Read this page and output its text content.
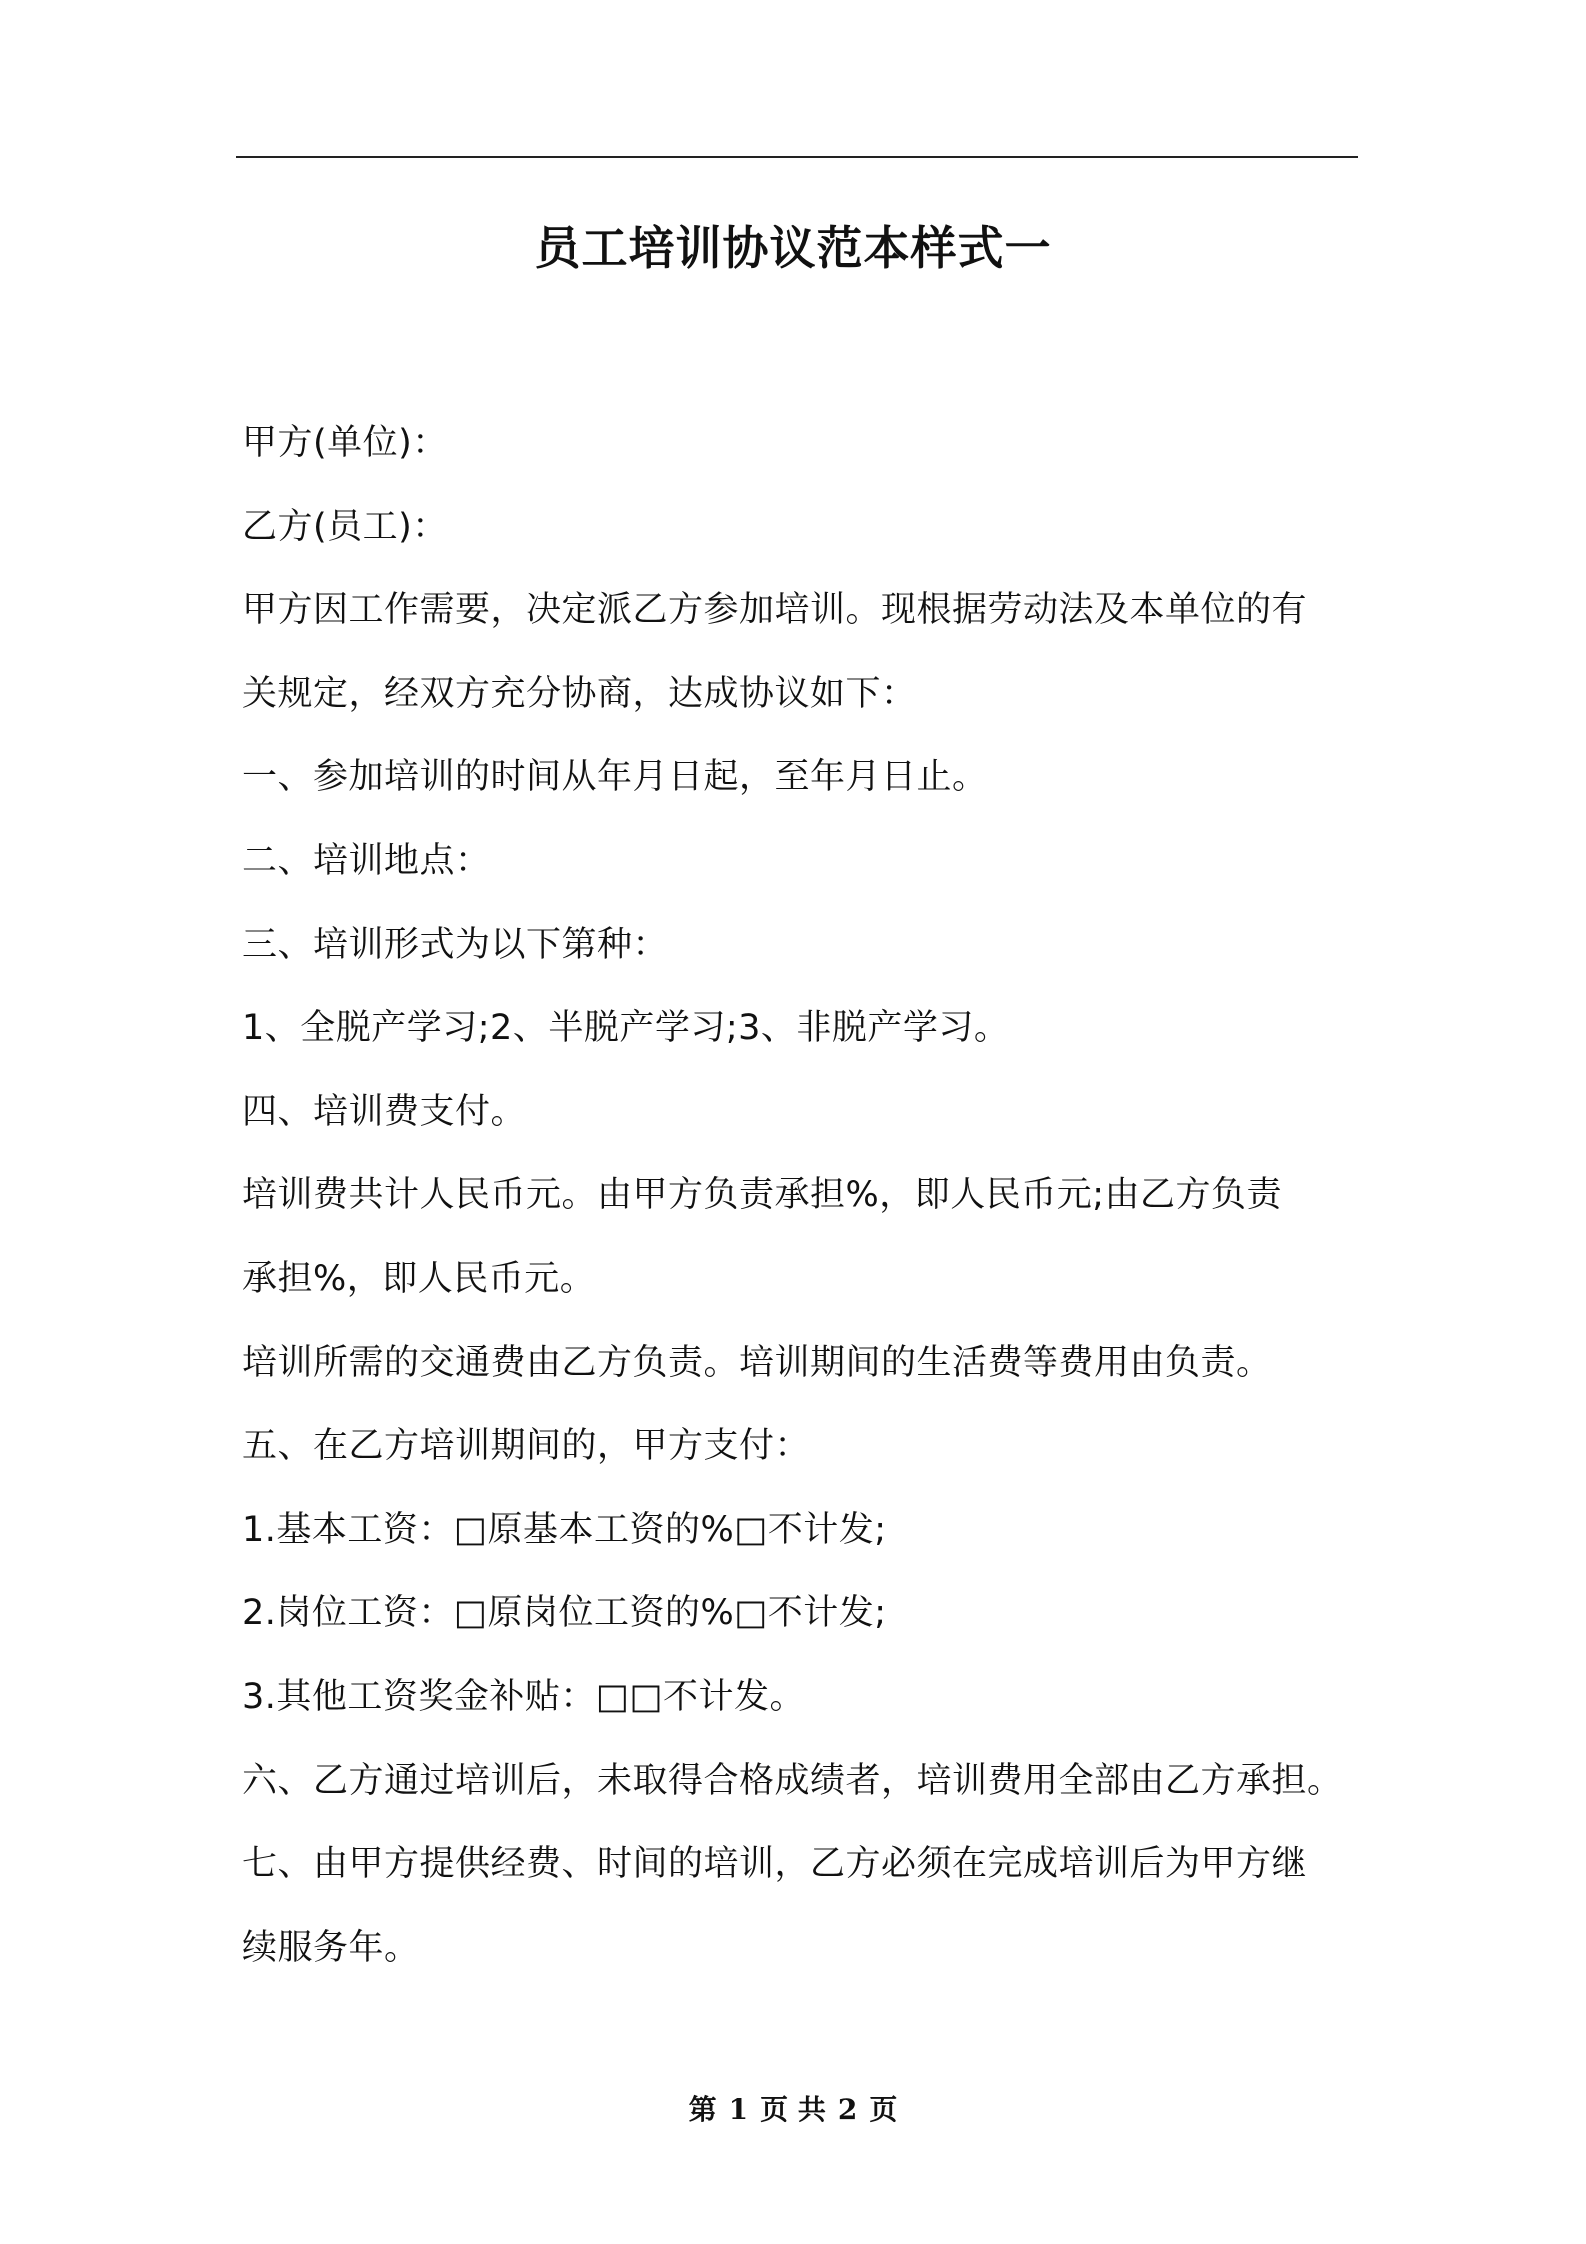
员工培训协议范本样式一
甲方(单位)：
乙方(员工)：
甲方因工作需要，决定派乙方参加培训。现根据劳动法及本单位的有
关规定，经双方充分协商，达成协议如下：
一、参加培训的时间从年月日起，至年月日止。
二、培训地点：
三、培训形式为以下第种：
1、全脱产学习;2、半脱产学习;3、非脱产学习。
四、培训费支付。
培训费共计人民币元。由甲方负责承担%，即人民币元;由乙方负责
承担%，即人民币元。
培训所需的交通费由乙方负责。培训期间的生活费等费用由负责。
五、在乙方培训期间的，甲方支付：
1.基本工资：□原基本工资的%□不计发;
2.岗位工资：□原岗位工资的%□不计发;
3.其他工资奖金补贴：□□不计发。
六、乙方通过培训后，未取得合格成绩者，培训费用全部由乙方承担。
七、由甲方提供经费、时间的培训，乙方必须在完成培训后为甲方继
续服务年。
第 1 页 共 2 页
